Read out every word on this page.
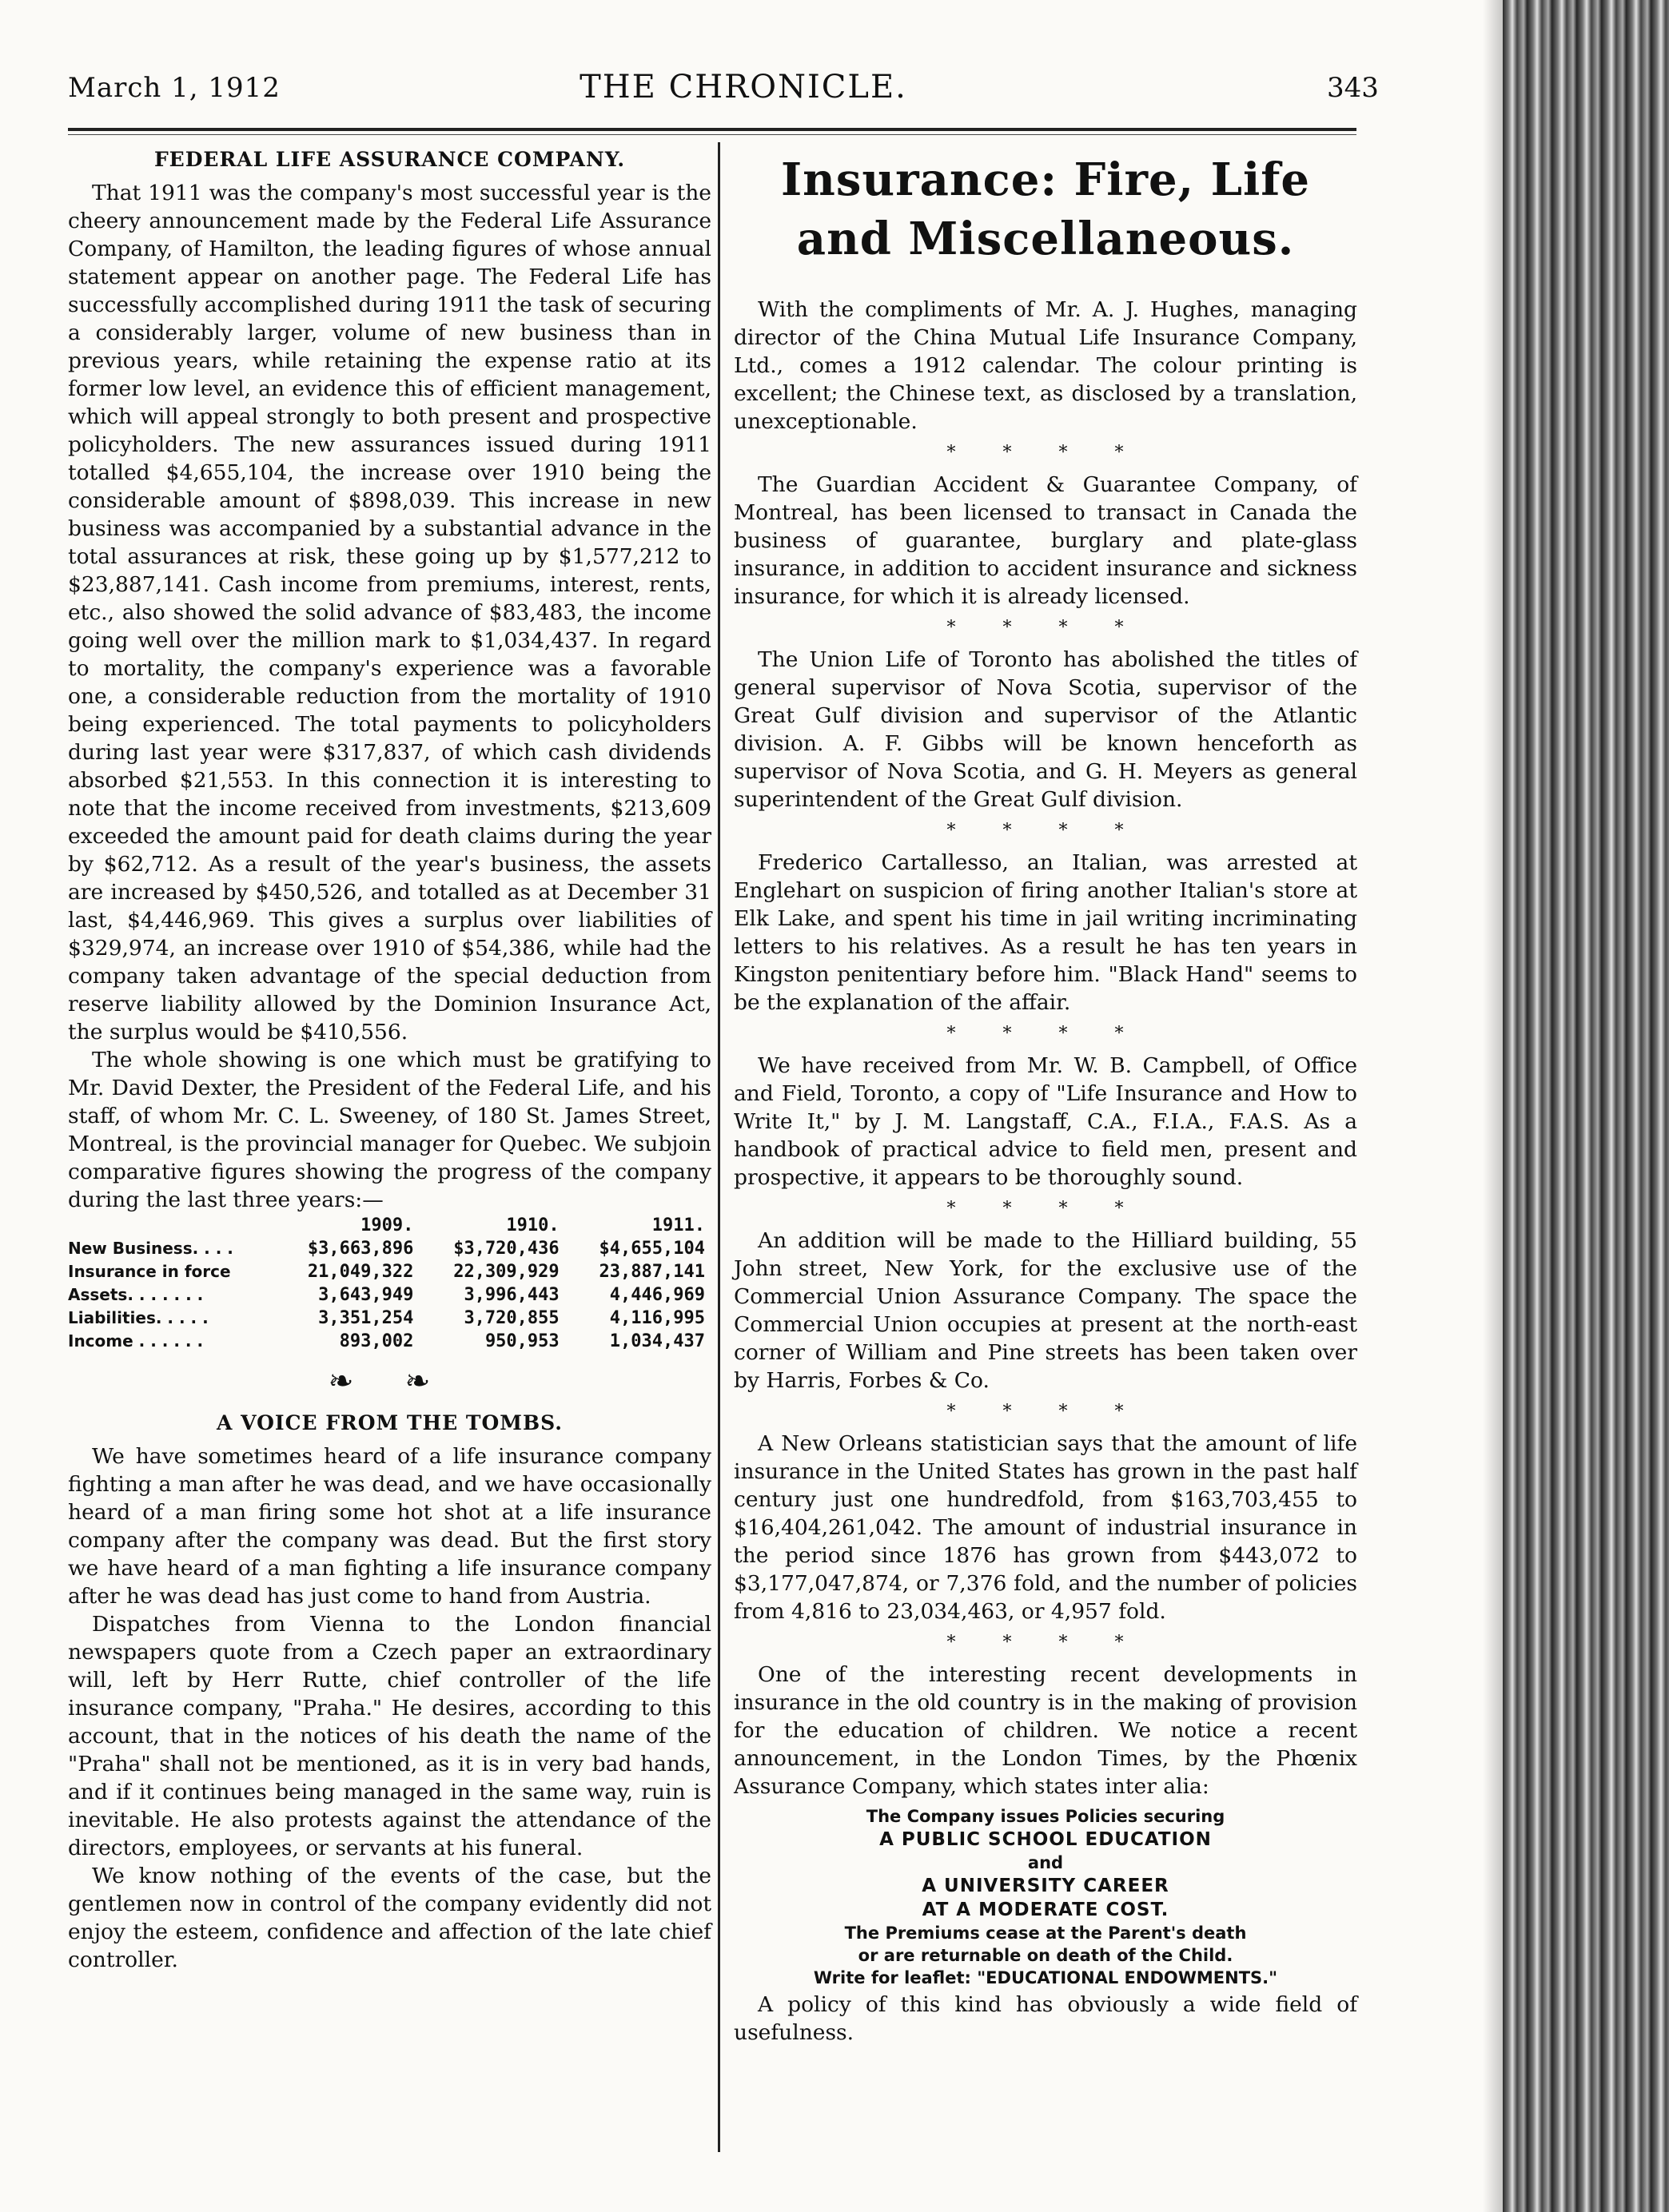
March 1, 1912	THE CHRONICLE.	343
FEDERAL LIFE ASSURANCE COMPANY.

That 1911 was the company's most successful year is the cheery announcement made by the Federal Life Assurance Company, of Hamilton, the leading figures of whose annual statement appear on another page. The Federal Life has successfully accomplished during 1911 the task of securing a considerably larger, volume of new business than in previous years, while retaining the expense ratio at its former low level, an evidence this of efficient management, which will appeal strongly to both present and prospective policyholders. The new assurances issued during 1911 totalled $4,655,104, the increase over 1910 being the considerable amount of $898,039. This increase in new business was accompanied by a substantial advance in the total assurances at risk, these going up by $1,577,212 to $23,887,141. Cash income from premiums, interest, rents, etc., also showed the solid advance of $83,483, the income going well over the million mark to $1,034,437. In regard to mortality, the company's experience was a favorable one, a considerable reduction from the mortality of 1910 being experienced. The total payments to policyholders during last year were $317,837, of which cash dividends absorbed $21,553. In this connection it is interesting to note that the income received from investments, $213,609 exceeded the amount paid for death claims during the year by $62,712. As a result of the year's business, the assets are increased by $450,526, and totalled as at December 31 last, $4,446,969. This gives a surplus over liabilities of $329,974, an increase over 1910 of $54,386, while had the company taken advantage of the special deduction from reserve liability allowed by the Dominion Insurance Act, the surplus would be $410,556.

The whole showing is one which must be gratifying to Mr. David Dexter, the President of the Federal Life, and his staff, of whom Mr. C. L. Sweeney, of 180 St. James Street, Montreal, is the provincial manager for Quebec. We subjoin comparative figures showing the progress of the company during the last three years:—

	1909.	1910.	1911.
New Business. . . .	$3,663,896	$3,720,436	$4,655,104
Insurance in force	21,049,322	22,309,929	23,887,141
Assets. . . . . . .	3,643,949	3,996,443	4,446,969
Liabilities. . . . .	3,351,254	3,720,855	4,116,995
Income . . . . . .	893,002	950,953	1,034,437
❧ ❧
A VOICE FROM THE TOMBS.

We have sometimes heard of a life insurance company fighting a man after he was dead, and we have occasionally heard of a man firing some hot shot at a life insurance company after the company was dead. But the first story we have heard of a man fighting a life insurance company after he was dead has just come to hand from Austria.

Dispatches from Vienna to the London financial newspapers quote from a Czech paper an extraordinary will, left by Herr Rutte, chief controller of the life insurance company, "Praha." He desires, according to this account, that in the notices of his death the name of the "Praha" shall not be mentioned, as it is in very bad hands, and if it continues being managed in the same way, ruin is inevitable. He also protests against the attendance of the directors, employees, or servants at his funeral.

We know nothing of the events of the case, but the gentlemen now in control of the company evidently did not enjoy the esteem, confidence and affection of the late chief controller.

Insurance: Fire, Life and Miscellaneous.

With the compliments of Mr. A. J. Hughes, managing director of the China Mutual Life Insurance Company, Ltd., comes a 1912 calendar. The colour printing is excellent; the Chinese text, as disclosed by a translation, unexceptionable.

* * * *

The Guardian Accident & Guarantee Company, of Montreal, has been licensed to transact in Canada the business of guarantee, burglary and plate-glass insurance, in addition to accident insurance and sickness insurance, for which it is already licensed.

* * * *

The Union Life of Toronto has abolished the titles of general supervisor of Nova Scotia, supervisor of the Great Gulf division and supervisor of the Atlantic division. A. F. Gibbs will be known henceforth as supervisor of Nova Scotia, and G. H. Meyers as general superintendent of the Great Gulf division.

* * * *

Frederico Cartallesso, an Italian, was arrested at Englehart on suspicion of firing another Italian's store at Elk Lake, and spent his time in jail writing incriminating letters to his relatives. As a result he has ten years in Kingston penitentiary before him. "Black Hand" seems to be the explanation of the affair.

* * * *

We have received from Mr. W. B. Campbell, of Office and Field, Toronto, a copy of "Life Insurance and How to Write It," by J. M. Langstaff, C.A., F.I.A., F.A.S. As a handbook of practical advice to field men, present and prospective, it appears to be thoroughly sound.

* * * *

An addition will be made to the Hilliard building, 55 John street, New York, for the exclusive use of the Commercial Union Assurance Company. The space the Commercial Union occupies at present at the north-east corner of William and Pine streets has been taken over by Harris, Forbes & Co.

* * * *

A New Orleans statistician says that the amount of life insurance in the United States has grown in the past half century just one hundredfold, from $163,703,455 to $16,404,261,042. The amount of industrial insurance in the period since 1876 has grown from $443,072 to $3,177,047,874, or 7,376 fold, and the number of policies from 4,816 to 23,034,463, or 4,957 fold.

* * * *

One of the interesting recent developments in insurance in the old country is in the making of provision for the education of children. We notice a recent announcement, in the London Times, by the Phœnix Assurance Company, which states inter alia:

The Company issues Policies securing
A PUBLIC SCHOOL EDUCATION
and
A UNIVERSITY CAREER
AT A MODERATE COST.
The Premiums cease at the Parent's death
or are returnable on death of the Child.
Write for leaflet: "EDUCATIONAL ENDOWMENTS."

A policy of this kind has obviously a wide field of usefulness.
